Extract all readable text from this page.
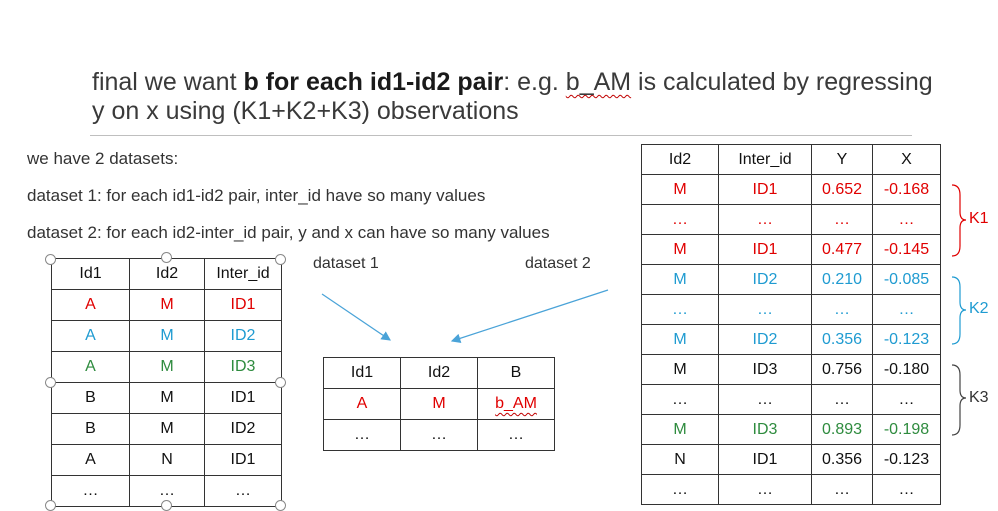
final we want b for each id1-id2 pair: e.g. b_AM is calculated by regressing y on x using (K1+K2+K3) observations
we have 2 datasets:
dataset 1: for each id1-id2 pair, inter_id have so many values
dataset 2: for each id2-inter_id pair, y and x can have so many values
dataset 1	dataset 2
Id1	Id2	Inter_id
A	M	ID1
A	M	ID2
A	M	ID3
B	M	ID1
B	M	ID2
A	N	ID1
…	…	…
Id1	Id2	B
A	M	b_AM
…	…	…
Id2	Inter_id	Y	X
M	ID1	0.652	-0.168
…	…	…	…
M	ID1	0.477	-0.145
M	ID2	0.210	-0.085
…	…	…	…
M	ID2	0.356	-0.123
M	ID3	0.756	-0.180
…	…	…	…
M	ID3	0.893	-0.198
N	ID1	0.356	-0.123
…	…	…	…
K1
K2
K3
